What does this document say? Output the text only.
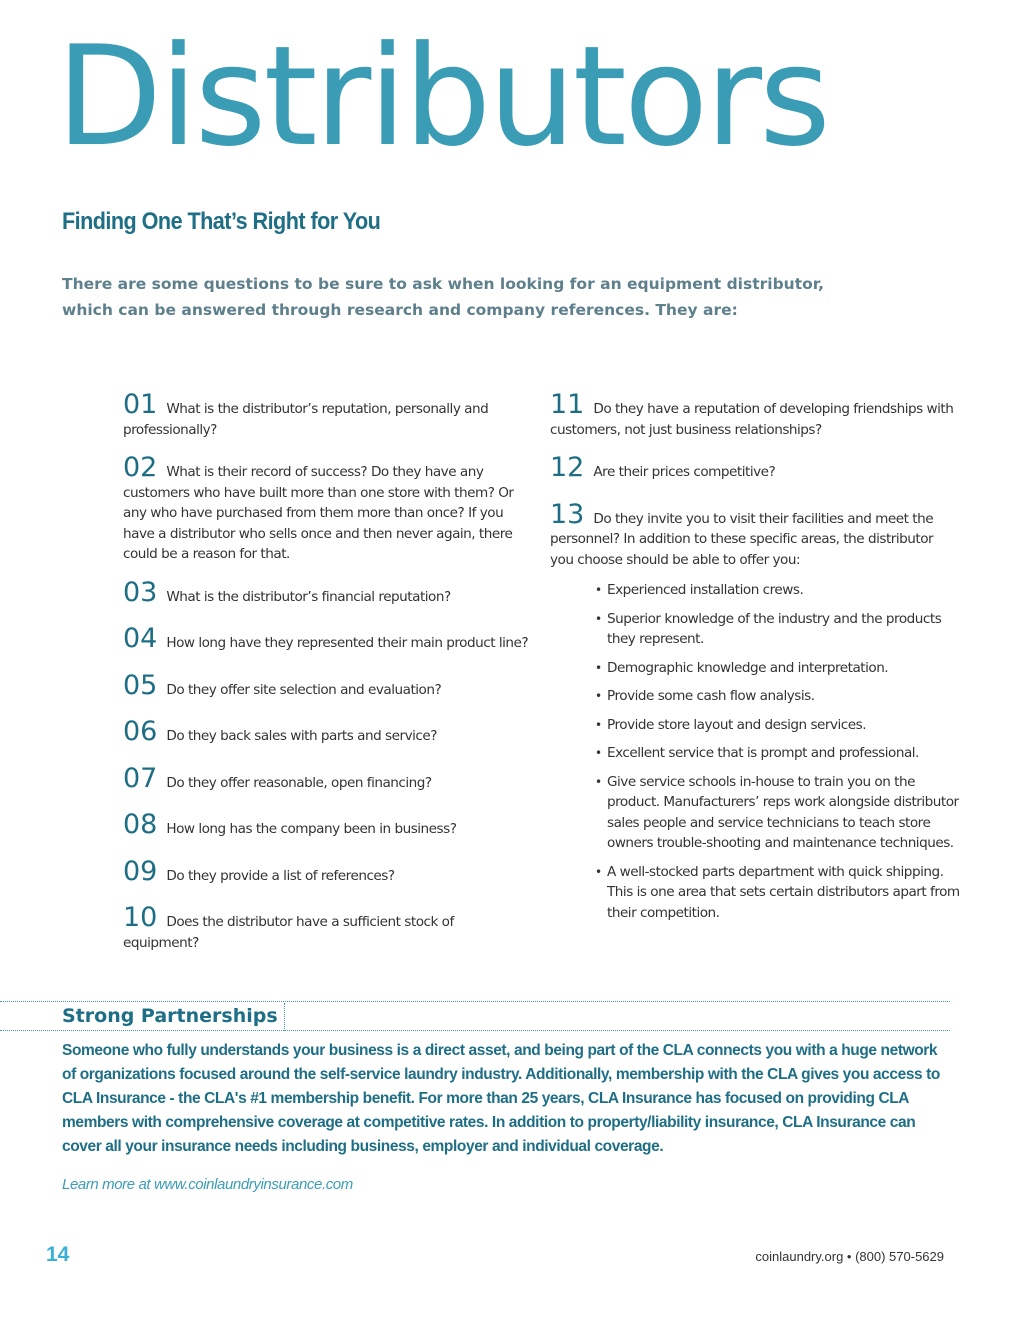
Distributors
Finding One That’s Right for You

There are some questions to be sure to ask when looking for an equipment distributor, which can be answered through research and company references. They are:

01 What is the distributor’s reputation, personally and professionally?

02 What is their record of success? Do they have any customers who have built more than one store with them? Or any who have purchased from them more than once? If you have a distributor who sells once and then never again, there could be a reason for that.

03 What is the distributor’s financial reputation?

04 How long have they represented their main product line?

05 Do they offer site selection and evaluation?

06 Do they back sales with parts and service?

07 Do they offer reasonable, open financing?

08 How long has the company been in business?

09 Do they provide a list of references?

10 Does the distributor have a sufficient stock of equipment?

11 Do they have a reputation of developing friendships with customers, not just business relationships?

12 Are their prices competitive?

13 Do they invite you to visit their facilities and meet the personnel? In addition to these specific areas, the distributor you choose should be able to offer you:

• Experienced installation crews.
• Superior knowledge of the industry and the products they represent.
• Demographic knowledge and interpretation.
• Provide some cash flow analysis.
• Provide store layout and design services.
• Excellent service that is prompt and professional.
• Give service schools in-house to train you on the product. Manufacturers’ reps work alongside distributor sales people and service technicians to teach store owners trouble-shooting and maintenance techniques.
• A well-stocked parts department with quick shipping. This is one area that sets certain distributors apart from their competition.
Strong Partnerships

Someone who fully understands your business is a direct asset, and being part of the CLA connects you with a huge network of organizations focused around the self-service laundry industry. Additionally, membership with the CLA gives you access to CLA Insurance - the CLA's #1 membership benefit. For more than 25 years, CLA Insurance has focused on providing CLA members with comprehensive coverage at competitive rates. In addition to property/liability insurance, CLA Insurance can cover all your insurance needs including business, employer and individual coverage.

Learn more at www.coinlaundryinsurance.com

14	coinlaundry.org • (800) 570-5629
